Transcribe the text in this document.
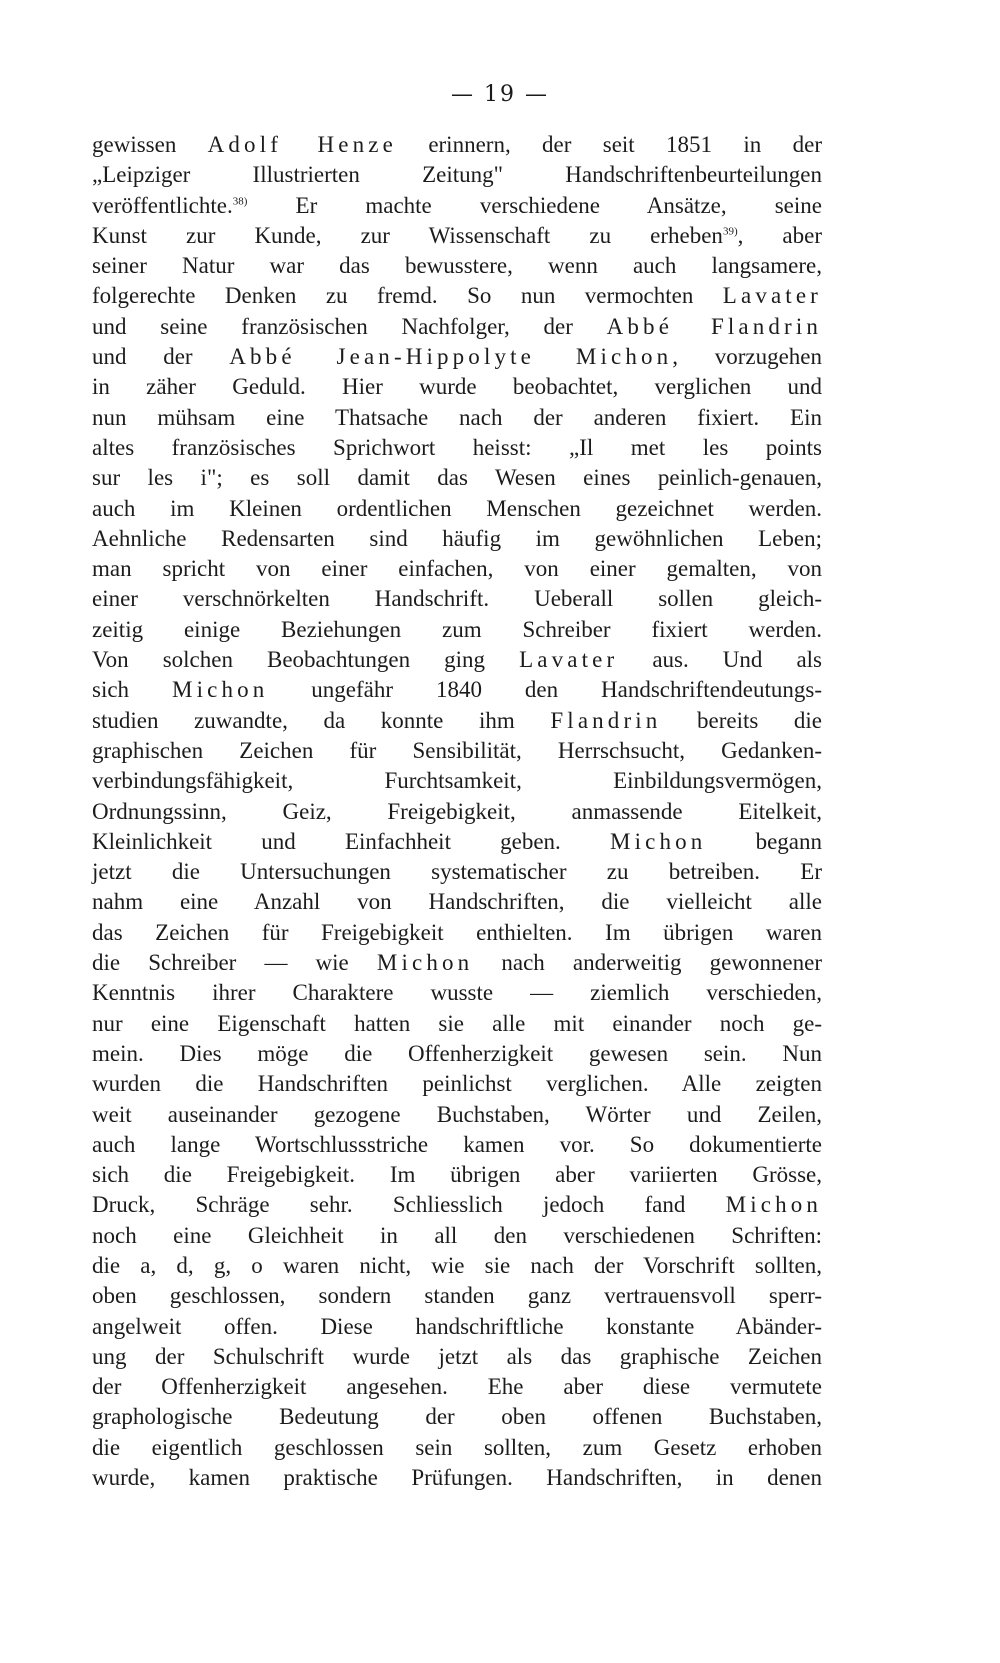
— 19 —
gewissen Adolf Henze erinnern, der seit 1851 in der
„Leipziger Illustrierten Zeitung" Handschriftenbeurteilungen
veröffentlichte.$^{38)}$ Er machte verschiedene Ansätze, seine
Kunst zur Kunde, zur Wissenschaft zu erheben$^{39)}$, aber
seiner Natur war das bewusstere, wenn auch langsamere,
folgerechte Denken zu fremd. So nun vermochten Lavater
und seine französischen Nachfolger, der Abbé Flandrin
und der Abbé Jean-Hippolyte Michon, vorzugehen
in zäher Geduld. Hier wurde beobachtet, verglichen und
nun mühsam eine Thatsache nach der anderen fixiert. Ein
altes französisches Sprichwort heisst: „Il met les points
sur les i"; es soll damit das Wesen eines peinlich-genauen,
auch im Kleinen ordentlichen Menschen gezeichnet werden.
Aehnliche Redensarten sind häufig im gewöhnlichen Leben;
man spricht von einer einfachen, von einer gemalten, von
einer verschnörkelten Handschrift. Ueberall sollen gleich-
zeitig einige Beziehungen zum Schreiber fixiert werden.
Von solchen Beobachtungen ging Lavater aus. Und als
sich Michon ungefähr 1840 den Handschriftendeutungs-
studien zuwandte, da konnte ihm Flandrin bereits die
graphischen Zeichen für Sensibilität, Herrschsucht, Gedanken-
verbindungsfähigkeit, Furchtsamkeit, Einbildungsvermögen,
Ordnungssinn, Geiz, Freigebigkeit, anmassende Eitelkeit,
Kleinlichkeit und Einfachheit geben. Michon begann
jetzt die Untersuchungen systematischer zu betreiben. Er
nahm eine Anzahl von Handschriften, die vielleicht alle
das Zeichen für Freigebigkeit enthielten. Im übrigen waren
die Schreiber — wie Michon nach anderweitig gewonnener
Kenntnis ihrer Charaktere wusste — ziemlich verschieden,
nur eine Eigenschaft hatten sie alle mit einander noch ge-
mein. Dies möge die Offenherzigkeit gewesen sein. Nun
wurden die Handschriften peinlichst verglichen. Alle zeigten
weit auseinander gezogene Buchstaben, Wörter und Zeilen,
auch lange Wortschlussstriche kamen vor. So dokumentierte
sich die Freigebigkeit. Im übrigen aber variierten Grösse,
Druck, Schräge sehr. Schliesslich jedoch fand Michon
noch eine Gleichheit in all den verschiedenen Schriften:
die a, d, g, o waren nicht, wie sie nach der Vorschrift sollten,
oben geschlossen, sondern standen ganz vertrauensvoll sperr-
angelweit offen. Diese handschriftliche konstante Abänder-
ung der Schulschrift wurde jetzt als das graphische Zeichen
der Offenherzigkeit angesehen. Ehe aber diese vermutete
graphologische Bedeutung der oben offenen Buchstaben,
die eigentlich geschlossen sein sollten, zum Gesetz erhoben
wurde, kamen praktische Prüfungen. Handschriften, in denen
